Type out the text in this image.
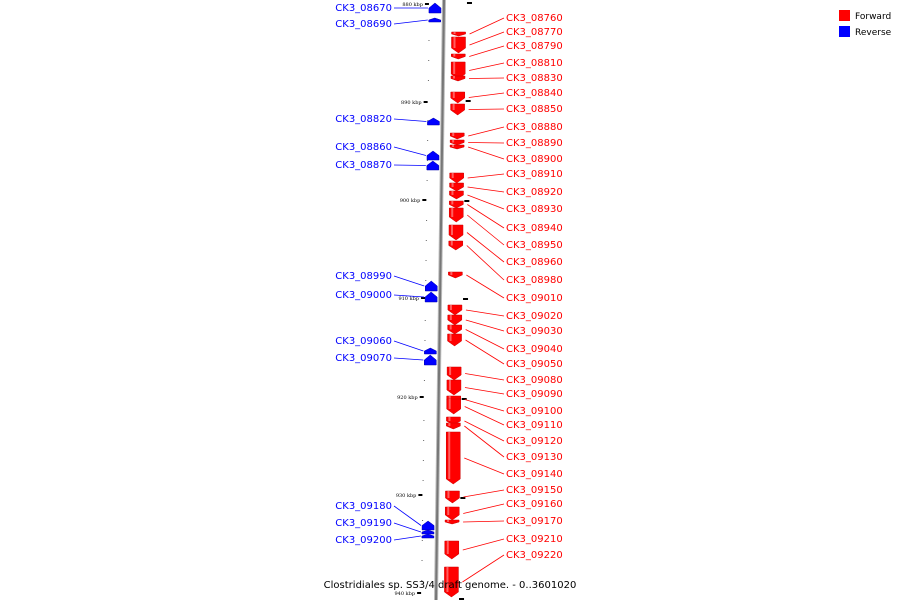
880 kbp
890 kbp
900 kbp
910 kbp
920 kbp
930 kbp
940 kbp
CK3_08760
CK3_08770
CK3_08790
CK3_08810
CK3_08830
CK3_08840
CK3_08850
CK3_08880
CK3_08890
CK3_08900
CK3_08910
CK3_08920
CK3_08930
CK3_08940
CK3_08950
CK3_08960
CK3_08980
CK3_09010
CK3_09020
CK3_09030
CK3_09040
CK3_09050
CK3_09080
CK3_09090
CK3_09100
CK3_09110
CK3_09120
CK3_09130
CK3_09140
CK3_09150
CK3_09160
CK3_09170
CK3_09210
CK3_09220
CK3_08670
CK3_08690
CK3_08820
CK3_08860
CK3_08870
CK3_08990
CK3_09000
CK3_09060
CK3_09070
CK3_09180
CK3_09190
CK3_09200
Clostridiales sp. SS3/4 draft genome. - 0..3601020
Forward
Reverse
